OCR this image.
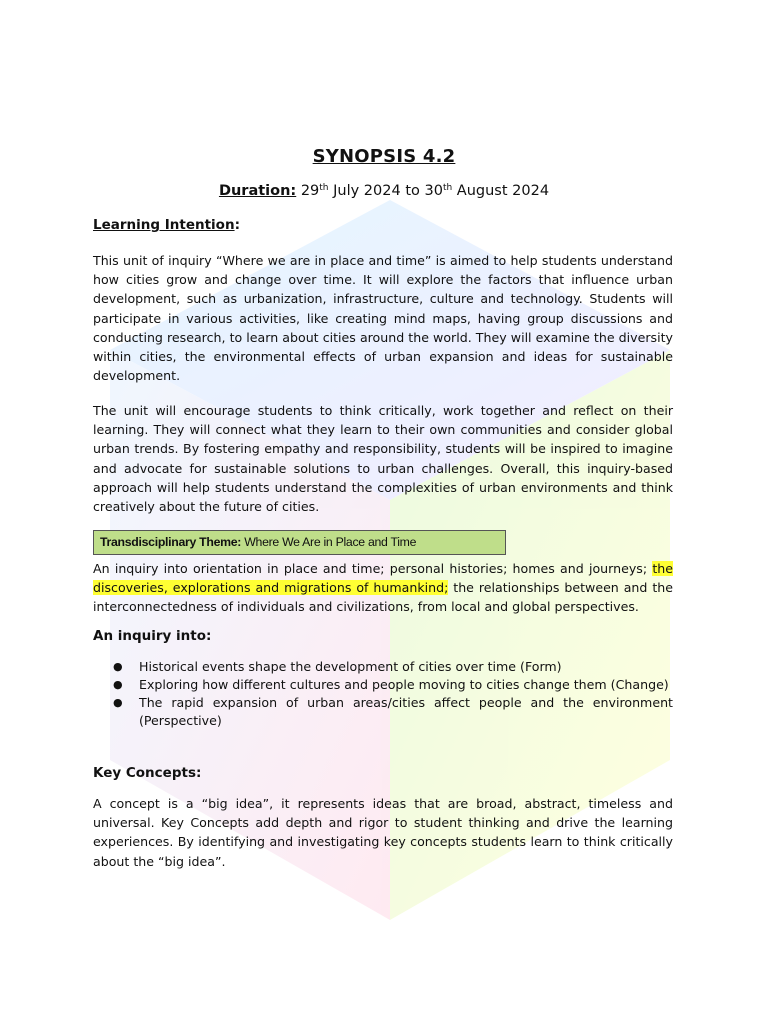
SYNOPSIS 4.2
Duration: 29th July 2024 to 30th August 2024
Learning Intention:

This unit of inquiry “Where we are in place and time” is aimed to help students understand how cities grow and change over time. It will explore the factors that influence urban development, such as urbanization, infrastructure, culture and technology. Students will participate in various activities, like creating mind maps, having group discussions and conducting research, to learn about cities around the world. They will examine the diversity within cities, the environmental effects of urban expansion and ideas for sustainable development.

The unit will encourage students to think critically, work together and reflect on their learning. They will connect what they learn to their own communities and consider global urban trends. By fostering empathy and responsibility, students will be inspired to imagine and advocate for sustainable solutions to urban challenges. Overall, this inquiry-based approach will help students understand the complexities of urban environments and think creatively about the future of cities.

Transdisciplinary Theme: Where We Are in Place and Time

An inquiry into orientation in place and time; personal histories; homes and journeys; the discoveries, explorations and migrations of humankind; the relationships between and the interconnectedness of individuals and civilizations, from local and global perspectives.

An inquiry into:
● Historical events shape the development of cities over time (Form)
● Exploring how different cultures and people moving to cities change them (Change)
● The rapid expansion of urban areas/cities affect people and the environment (Perspective)
Key Concepts:

A concept is a “big idea”, it represents ideas that are broad, abstract, timeless and universal. Key Concepts add depth and rigor to student thinking and drive the learning experiences. By identifying and investigating key concepts students learn to think critically about the “big idea”.
